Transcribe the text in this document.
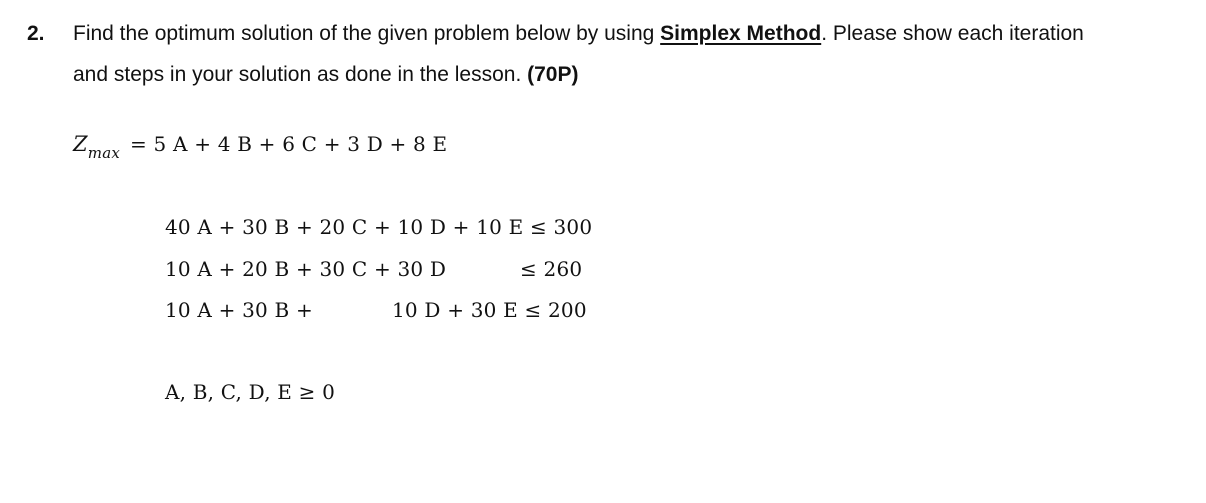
2. Find the optimum solution of the given problem below by using Simplex Method. Please show each iteration
and steps in your solution as done in the lesson. (70P)
$Z_{max} = 5$ A + 4 B + 6 C + 3 D + 8 E
40 A + 30 B + 20 C + 10 D + 10 E ≤ 300
10 A + 20 B + 30 C + 30 D	≤ 260
10 A + 30 B +	10 D + 30 E ≤ 200
A, B, C, D, E ≥ 0
